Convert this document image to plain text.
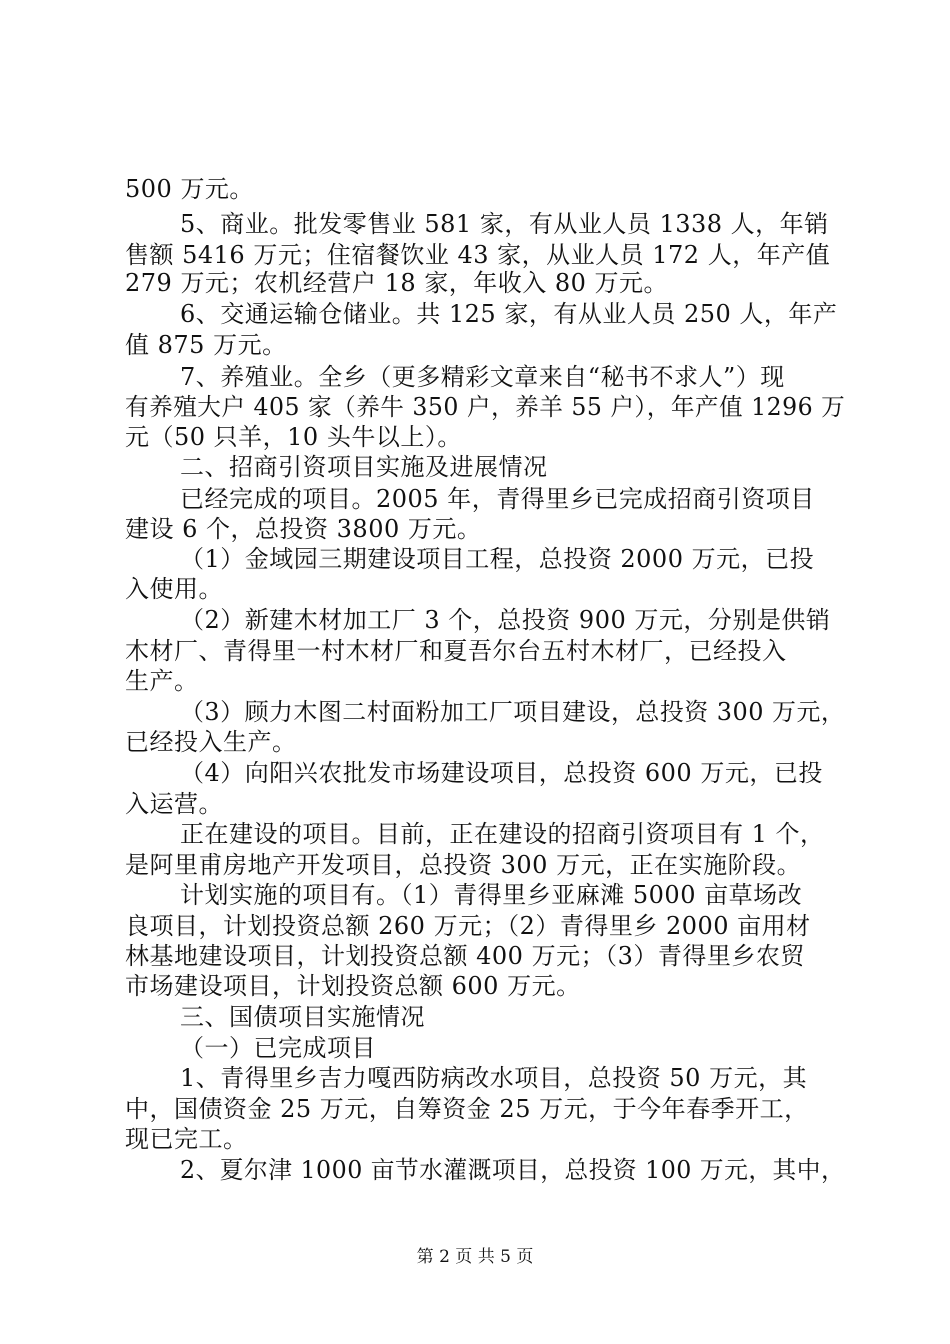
500 万元。
5、商业。批发零售业 581 家，有从业人员 1338 人，年销
售额 5416 万元；住宿餐饮业 43 家，从业人员 172 人，年产值
279 万元；农机经营户 18 家，年收入 80 万元。
6、交通运输仓储业。共 125 家，有从业人员 250 人，年产
值 875 万元。
7、养殖业。全乡（更多精彩文章来自“秘书不求人”）现
有养殖大户 405 家（养牛 350 户，养羊 55 户），年产值 1296 万
元（50 只羊，10 头牛以上）。
二、招商引资项目实施及进展情况
已经完成的项目。2005 年，青得里乡已完成招商引资项目
建设 6 个，总投资 3800 万元。
（1）金域园三期建设项目工程，总投资 2000 万元，已投
入使用。
（2）新建木材加工厂 3 个，总投资 900 万元，分别是供销
木材厂、青得里一村木材厂和夏吾尔台五村木材厂，已经投入
生产。
（3）顾力木图二村面粉加工厂项目建设，总投资 300 万元，
已经投入生产。
（4）向阳兴农批发市场建设项目，总投资 600 万元，已投
入运营。
正在建设的项目。目前，正在建设的招商引资项目有 1 个，
是阿里甫房地产开发项目，总投资 300 万元，正在实施阶段。
计划实施的项目有。（1）青得里乡亚麻滩 5000 亩草场改
良项目，计划投资总额 260 万元；（2）青得里乡 2000 亩用材
林基地建设项目，计划投资总额 400 万元；（3）青得里乡农贸
市场建设项目，计划投资总额 600 万元。
三、国债项目实施情况
（一）已完成项目
1、青得里乡吉力嘎西防病改水项目，总投资 50 万元，其
中，国债资金 25 万元，自筹资金 25 万元，于今年春季开工，
现已完工。
2、夏尔津 1000 亩节水灌溉项目，总投资 100 万元，其中，
第 2 页 共 5 页
